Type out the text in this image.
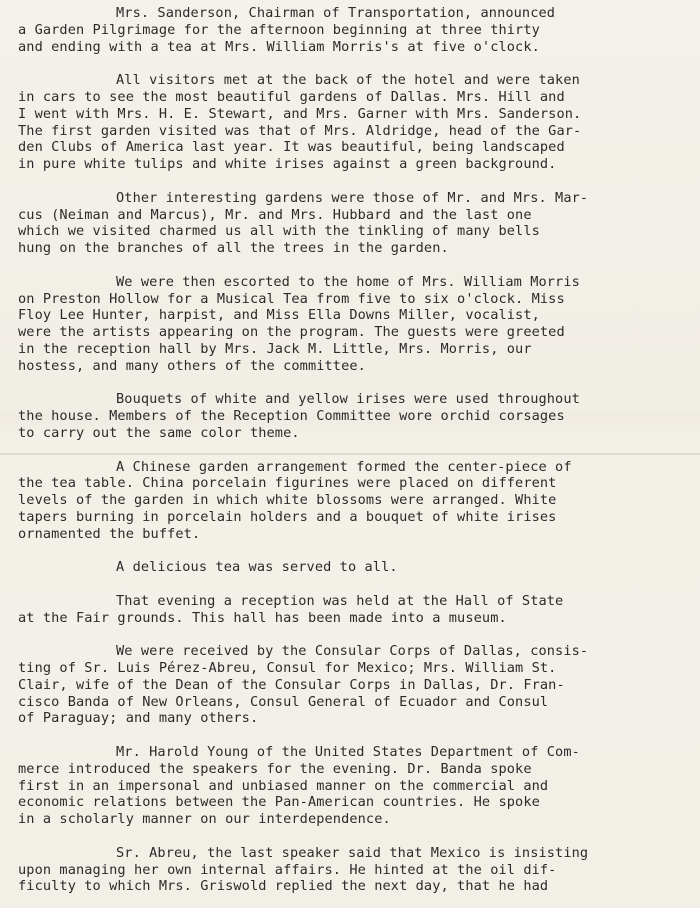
Mrs. Sanderson, Chairman of Transportation, announced
a Garden Pilgrimage for the afternoon beginning at three thirty
and ending with a tea at Mrs. William Morris's at five o'clock.
All visitors met at the back of the hotel and were taken
in cars to see the most beautiful gardens of Dallas. Mrs. Hill and
I went with Mrs. H. E. Stewart, and Mrs. Garner with Mrs. Sanderson.
The first garden visited was that of Mrs. Aldridge, head of the Gar-
den Clubs of America last year. It was beautiful, being landscaped
in pure white tulips and white irises against a green background.
Other interesting gardens were those of Mr. and Mrs. Mar-
cus (Neiman and Marcus), Mr. and Mrs. Hubbard and the last one
which we visited charmed us all with the tinkling of many bells
hung on the branches of all the trees in the garden.
We were then escorted to the home of Mrs. William Morris
on Preston Hollow for a Musical Tea from five to six o'clock. Miss
Floy Lee Hunter, harpist, and Miss Ella Downs Miller, vocalist,
were the artists appearing on the program. The guests were greeted
in the reception hall by Mrs. Jack M. Little, Mrs. Morris, our
hostess, and many others of the committee.
Bouquets of white and yellow irises were used throughout
the house. Members of the Reception Committee wore orchid corsages
to carry out the same color theme.
A Chinese garden arrangement formed the center-piece of
the tea table. China porcelain figurines were placed on different
levels of the garden in which white blossoms were arranged. White
tapers burning in porcelain holders and a bouquet of white irises
ornamented the buffet.
A delicious tea was served to all.
That evening a reception was held at the Hall of State
at the Fair grounds. This hall has been made into a museum.
We were received by the Consular Corps of Dallas, consis-
ting of Sr. Luis Pérez-Abreu, Consul for Mexico; Mrs. William St.
Clair, wife of the Dean of the Consular Corps in Dallas, Dr. Fran-
cisco Banda of New Orleans, Consul General of Ecuador and Consul
of Paraguay; and many others.
Mr. Harold Young of the United States Department of Com-
merce introduced the speakers for the evening. Dr. Banda spoke
first in an impersonal and unbiased manner on the commercial and
economic relations between the Pan-American countries. He spoke
in a scholarly manner on our interdependence.
Sr. Abreu, the last speaker said that Mexico is insisting
upon managing her own internal affairs. He hinted at the oil dif-
ficulty to which Mrs. Griswold replied the next day, that he had
